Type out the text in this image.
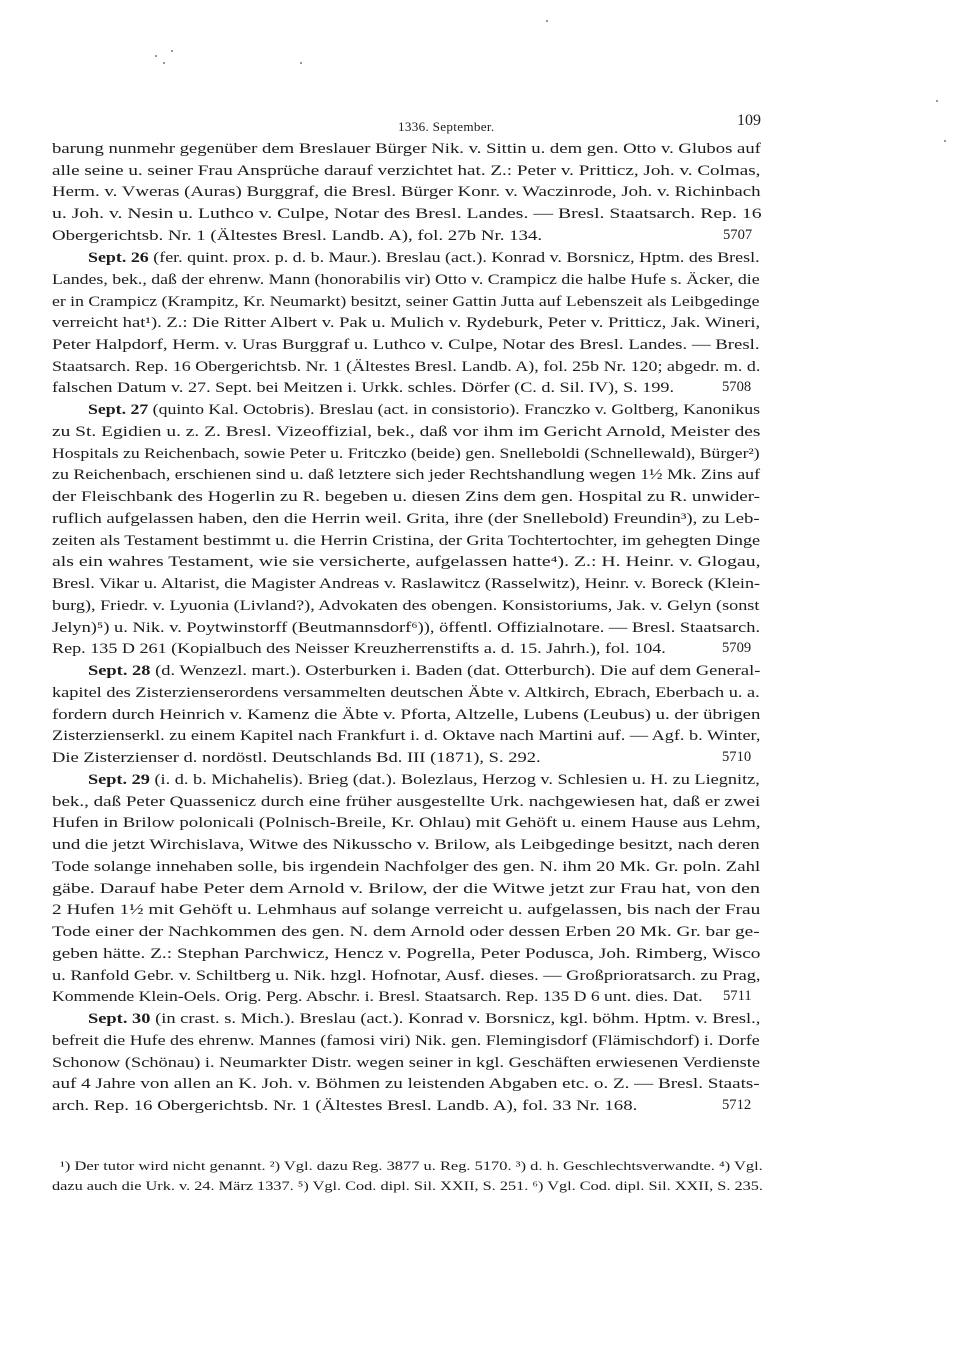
1336. September.	109
barung nunmehr gegenüber dem Breslauer Bürger Nik. v. Sittin u. dem gen. Otto v. Glubos auf
alle seine u. seiner Frau Ansprüche darauf verzichtet hat. Z.: Peter v. Pritticz, Joh. v. Colmas,
Herm. v. Vweras (Auras) Burggraf, die Bresl. Bürger Konr. v. Waczinrode, Joh. v. Richinbach
u. Joh. v. Nesin u. Luthco v. Culpe, Notar des Bresl. Landes. — Bresl. Staatsarch. Rep. 16
Obergerichtsb. Nr. 1 (Ältestes Bresl. Landb. A), fol. 27b Nr. 134.	5707
Sept. 26 (fer. quint. prox. p. d. b. Maur.). Breslau (act.). Konrad v. Borsnicz, Hptm. des Bresl.
Landes, bek., daß der ehrenw. Mann (honorabilis vir) Otto v. Crampicz die halbe Hufe s. Äcker, die
er in Crampicz (Krampitz, Kr. Neumarkt) besitzt, seiner Gattin Jutta auf Lebenszeit als Leibgedinge
verreicht hat¹). Z.: Die Ritter Albert v. Pak u. Mulich v. Rydeburk, Peter v. Pritticz, Jak. Wineri,
Peter Halpdorf, Herm. v. Uras Burggraf u. Luthco v. Culpe, Notar des Bresl. Landes. — Bresl.
Staatsarch. Rep. 16 Obergerichtsb. Nr. 1 (Ältestes Bresl. Landb. A), fol. 25b Nr. 120; abgedr. m. d.
falschen Datum v. 27. Sept. bei Meitzen i. Urkk. schles. Dörfer (C. d. Sil. IV), S. 199.	5708
Sept. 27 (quinto Kal. Octobris). Breslau (act. in consistorio). Franczko v. Goltberg, Kanonikus
zu St. Egidien u. z. Z. Bresl. Vizeoffizial, bek., daß vor ihm im Gericht Arnold, Meister des
Hospitals zu Reichenbach, sowie Peter u. Fritczko (beide) gen. Snelleboldi (Schnellewald), Bürger²)
zu Reichenbach, erschienen sind u. daß letztere sich jeder Rechtshandlung wegen 1½ Mk. Zins auf
der Fleischbank des Hogerlin zu R. begeben u. diesen Zins dem gen. Hospital zu R. unwider-
ruflich aufgelassen haben, den die Herrin weil. Grita, ihre (der Snellebold) Freundin³), zu Leb-
zeiten als Testament bestimmt u. die Herrin Cristina, der Grita Tochtertochter, im gehegten Dinge
als ein wahres Testament, wie sie versicherte, aufgelassen hatte⁴). Z.: H. Heinr. v. Glogau,
Bresl. Vikar u. Altarist, die Magister Andreas v. Raslawitcz (Rasselwitz), Heinr. v. Boreck (Klein-
burg), Friedr. v. Lyuonia (Livland?), Advokaten des obengen. Konsistoriums, Jak. v. Gelyn (sonst
Jelyn)⁵) u. Nik. v. Poytwinstorff (Beutmannsdorf⁶)), öffentl. Offizialnotare. — Bresl. Staatsarch.
Rep. 135 D 261 (Kopialbuch des Neisser Kreuzherrenstifts a. d. 15. Jahrh.), fol. 104.	5709
Sept. 28 (d. Wenzezl. mart.). Osterburken i. Baden (dat. Otterburch). Die auf dem General-
kapitel des Zisterzienserordens versammelten deutschen Äbte v. Altkirch, Ebrach, Eberbach u. a.
fordern durch Heinrich v. Kamenz die Äbte v. Pforta, Altzelle, Lubens (Leubus) u. der übrigen
Zisterzienserkl. zu einem Kapitel nach Frankfurt i. d. Oktave nach Martini auf. — Agf. b. Winter,
Die Zisterzienser d. nordöstl. Deutschlands Bd. III (1871), S. 292.	5710
Sept. 29 (i. d. b. Michahelis). Brieg (dat.). Bolezlaus, Herzog v. Schlesien u. H. zu Liegnitz,
bek., daß Peter Quassenicz durch eine früher ausgestellte Urk. nachgewiesen hat, daß er zwei
Hufen in Brilow polonicali (Polnisch-Breile, Kr. Ohlau) mit Gehöft u. einem Hause aus Lehm,
und die jetzt Wirchislava, Witwe des Nikusscho v. Brilow, als Leibgedinge besitzt, nach deren
Tode solange innehaben solle, bis irgendein Nachfolger des gen. N. ihm 20 Mk. Gr. poln. Zahl
gäbe. Darauf habe Peter dem Arnold v. Brilow, der die Witwe jetzt zur Frau hat, von den
2 Hufen 1½ mit Gehöft u. Lehmhaus auf solange verreicht u. aufgelassen, bis nach der Frau
Tode einer der Nachkommen des gen. N. dem Arnold oder dessen Erben 20 Mk. Gr. bar ge-
geben hätte. Z.: Stephan Parchwicz, Hencz v. Pogrella, Peter Podusca, Joh. Rimberg, Wisco
u. Ranfold Gebr. v. Schiltberg u. Nik. hzgl. Hofnotar, Ausf. dieses. — Großprioratsarch. zu Prag,
Kommende Klein-Oels. Orig. Perg. Abschr. i. Bresl. Staatsarch. Rep. 135 D 6 unt. dies. Dat. 5711
Sept. 30 (in crast. s. Mich.). Breslau (act.). Konrad v. Borsnicz, kgl. böhm. Hptm. v. Bresl.,
befreit die Hufe des ehrenw. Mannes (famosi viri) Nik. gen. Flemingisdorf (Flämischdorf) i. Dorfe
Schonow (Schönau) i. Neumarkter Distr. wegen seiner in kgl. Geschäften erwiesenen Verdienste
auf 4 Jahre von allen an K. Joh. v. Böhmen zu leistenden Abgaben etc. o. Z. — Bresl. Staats-
arch. Rep. 16 Obergerichtsb. Nr. 1 (Ältestes Bresl. Landb. A), fol. 33 Nr. 168.	5712
¹) Der tutor wird nicht genannt. ²) Vgl. dazu Reg. 3877 u. Reg. 5170. ³) d. h. Geschlechtsverwandte. ⁴) Vgl.
dazu auch die Urk. v. 24. März 1337. ⁵) Vgl. Cod. dipl. Sil. XXII, S. 251. ⁶) Vgl. Cod. dipl. Sil. XXII, S. 235.
